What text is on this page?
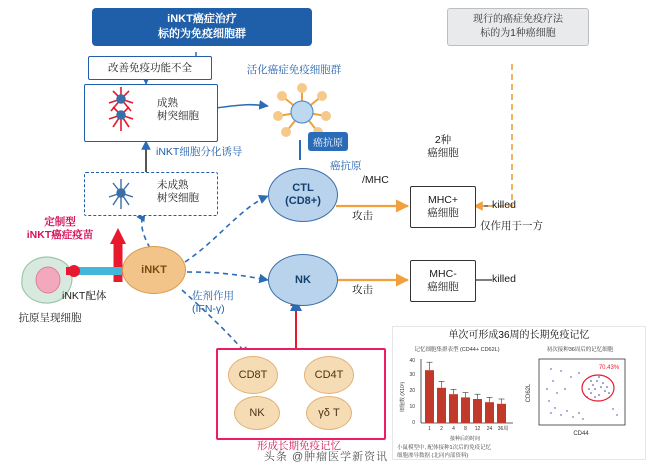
iNKT癌症治疗
标的为免疫细胞群
现行的癌症免疫疗法
标的为1种癌细胞
改善免疫功能不全	活化癌症免疫细胞群
成熟
树突细胞
iNKT细胞分化诱导
未成熟
树突细胞
定制型
iNKT癌症疫苗
抗原呈现细胞
iNKT配体
iNKT
癌抗原
CTL
(CD8+)
癌抗原
/MHC
攻击
NK
攻击
佐剂作用
(IFN-γ)
2种
癌细胞
MHC+
癌细胞
killed
MHC-
癌细胞
killed
仅作用于一方
CD8T	CD4T
NK	γδ T
形成长期免疫记忆
单次可形成36周的长期免疫记忆
记忆细胞集群表型 (CD44+ CD62L)	初次接种36周后的记忆细胞
0
10
20
30
40
细胞数 (X10³)
1 2 4 8 12 24 36周
接种后的时间
70.43%
CD44
CD62L
小鼠模型中, 配体接种1次后的免疫记忆
细胞渗导数据 (北同内部资料)
头条 @肿瘤医学新资讯
